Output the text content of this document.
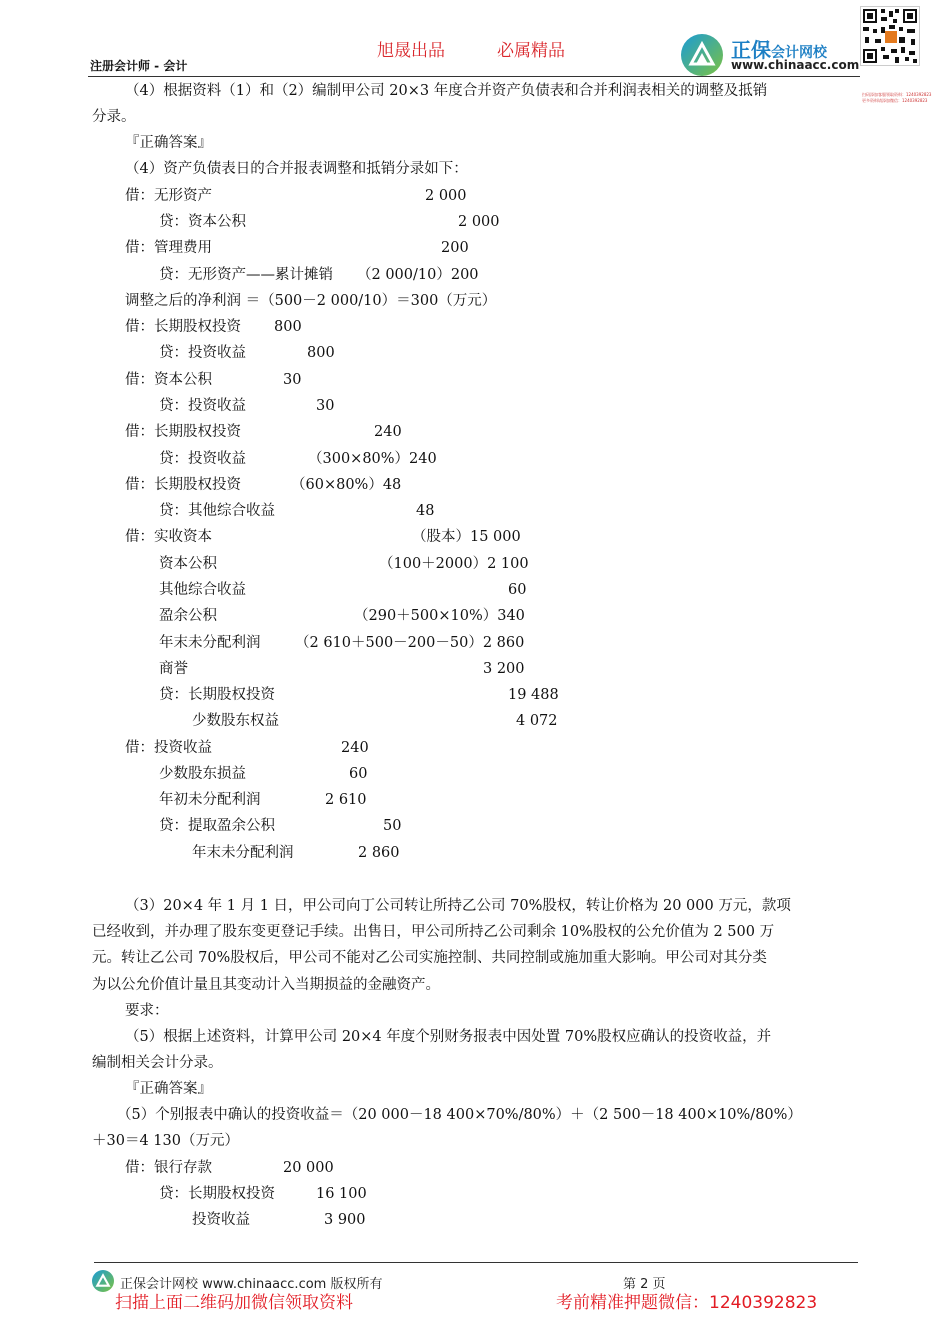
旭晟出品	必属精品
注册会计师 - 会计
正保会计网校
www.chinaacc.com
扫码添加客服领取资料：1240392823
更多资料请添加微信：1240392823
（4）根据资料（1）和（2）编制甲公司 20×3 年度合并资产负债表和合并利润表相关的调整及抵销
分录。
『正确答案』
（4）资产负债表日的合并报表调整和抵销分录如下：
借：无形资产	2 000
贷：资本公积	2 000
借：管理费用	200
贷：无形资产——累计摊销 （2 000/10）200
调整之后的净利润 ＝（500－2 000/10）＝300（万元）
借：长期股权投资 800
贷：投资收益	800
借：资本公积	30
贷：投资收益	30
借：长期股权投资	240
贷：投资收益	（300×80%）240
借：长期股权投资	（60×80%）48
贷：其他综合收益	48
借：实收资本	（股本）15 000
资本公积	（100＋2000）2 100
其他综合收益	60
盈余公积	（290＋500×10%）340
年末未分配利润 （2 610＋500－200－50）2 860
商誉	3 200
贷：长期股权投资	19 488
少数股东权益	4 072
借：投资收益	240
少数股东损益	60
年初未分配利润	2 610
贷：提取盈余公积	50
年末未分配利润	2 860
（3）20×4 年 1 月 1 日，甲公司向丁公司转让所持乙公司 70%股权，转让价格为 20 000 万元，款项
已经收到，并办理了股东变更登记手续。出售日，甲公司所持乙公司剩余 10%股权的公允价值为 2 500 万
元。转让乙公司 70%股权后，甲公司不能对乙公司实施控制、共同控制或施加重大影响。甲公司对其分类
为以公允价值计量且其变动计入当期损益的金融资产。
要求：
（5）根据上述资料，计算甲公司 20×4 年度个别财务报表中因处置 70%股权应确认的投资收益，并
编制相关会计分录。
『正确答案』
（5）个别报表中确认的投资收益＝（20 000－18 400×70%/80%）＋（2 500－18 400×10%/80%）
＋30＝4 130（万元）
借：银行存款	20 000
贷：长期股权投资	16 100
投资收益	3 900
正保会计网校 www.chinaacc.com 版权所有	第 2 页
扫描上面二维码加微信领取资料	考前精准押题微信：1240392823
